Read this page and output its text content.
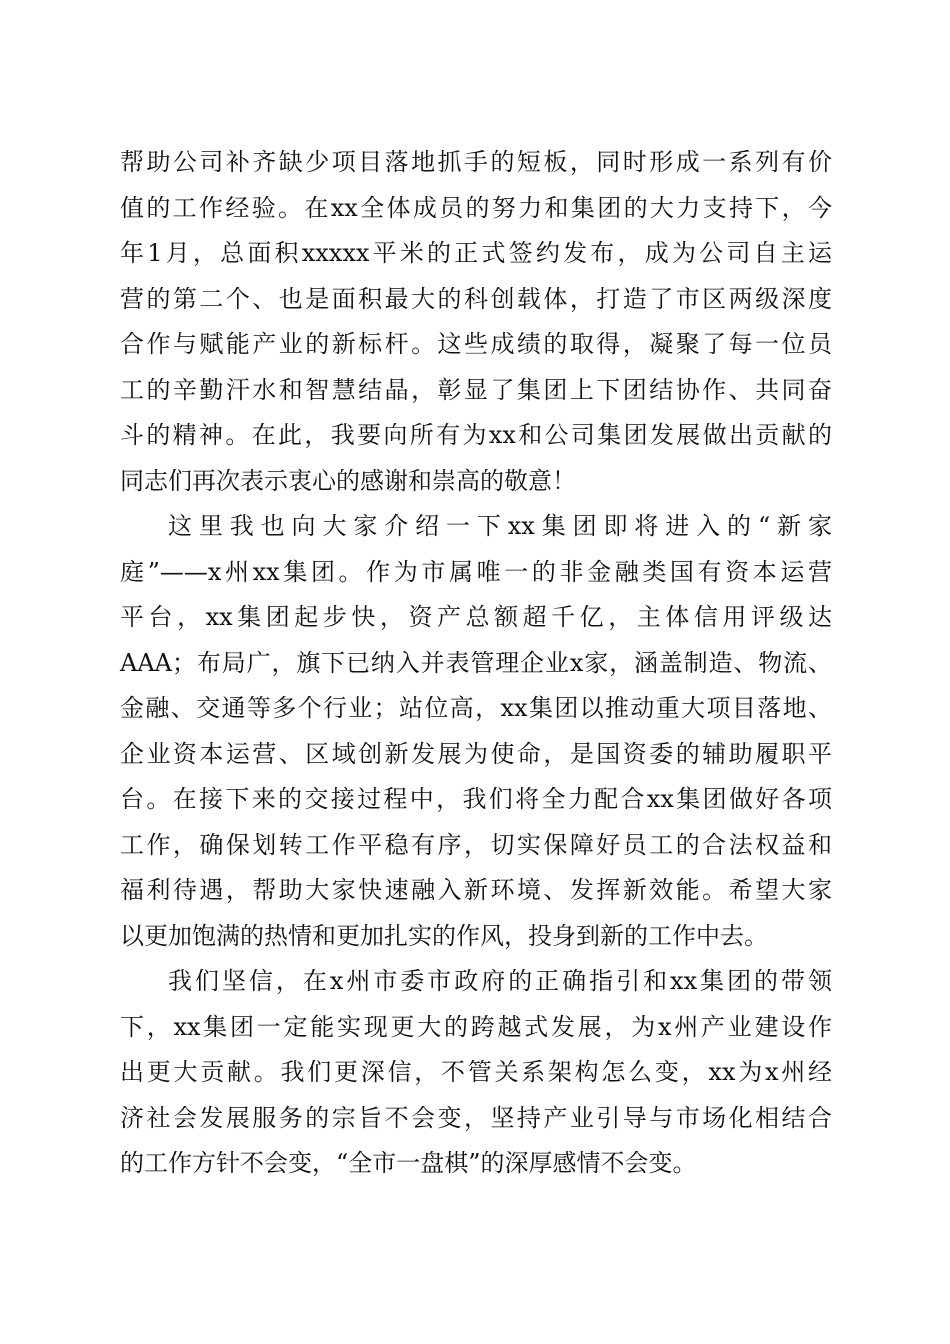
帮助公司补齐缺少项目落地抓手的短板，同时形成一系列有价
值的工作经验。在xx全体成员的努力和集团的大力支持下，今
年1月，总面积xxxxx平米的正式签约发布，成为公司自主运
营的第二个、也是面积最大的科创载体，打造了市区两级深度
合作与赋能产业的新标杆。这些成绩的取得，凝聚了每一位员
工的辛勤汗水和智慧结晶，彰显了集团上下团结协作、共同奋
斗的精神。在此，我要向所有为xx和公司集团发展做出贡献的
同志们再次表示衷心的感谢和崇高的敬意！
这里我也向大家介绍一下xx集团即将进入的“新家
庭”——x州xx集团。作为市属唯一的非金融类国有资本运营
平台，xx集团起步快，资产总额超千亿，主体信用评级达
AAA；布局广，旗下已纳入并表管理企业x家，涵盖制造、物流、
金融、交通等多个行业；站位高，xx集团以推动重大项目落地、
企业资本运营、区域创新发展为使命，是国资委的辅助履职平
台。在接下来的交接过程中，我们将全力配合xx集团做好各项
工作，确保划转工作平稳有序，切实保障好员工的合法权益和
福利待遇，帮助大家快速融入新环境、发挥新效能。希望大家
以更加饱满的热情和更加扎实的作风，投身到新的工作中去。
我们坚信，在x州市委市政府的正确指引和xx集团的带领
下，xx集团一定能实现更大的跨越式发展，为x州产业建设作
出更大贡献。我们更深信，不管关系架构怎么变，xx为x州经
济社会发展服务的宗旨不会变，坚持产业引导与市场化相结合
的工作方针不会变，“全市一盘棋”的深厚感情不会变。
